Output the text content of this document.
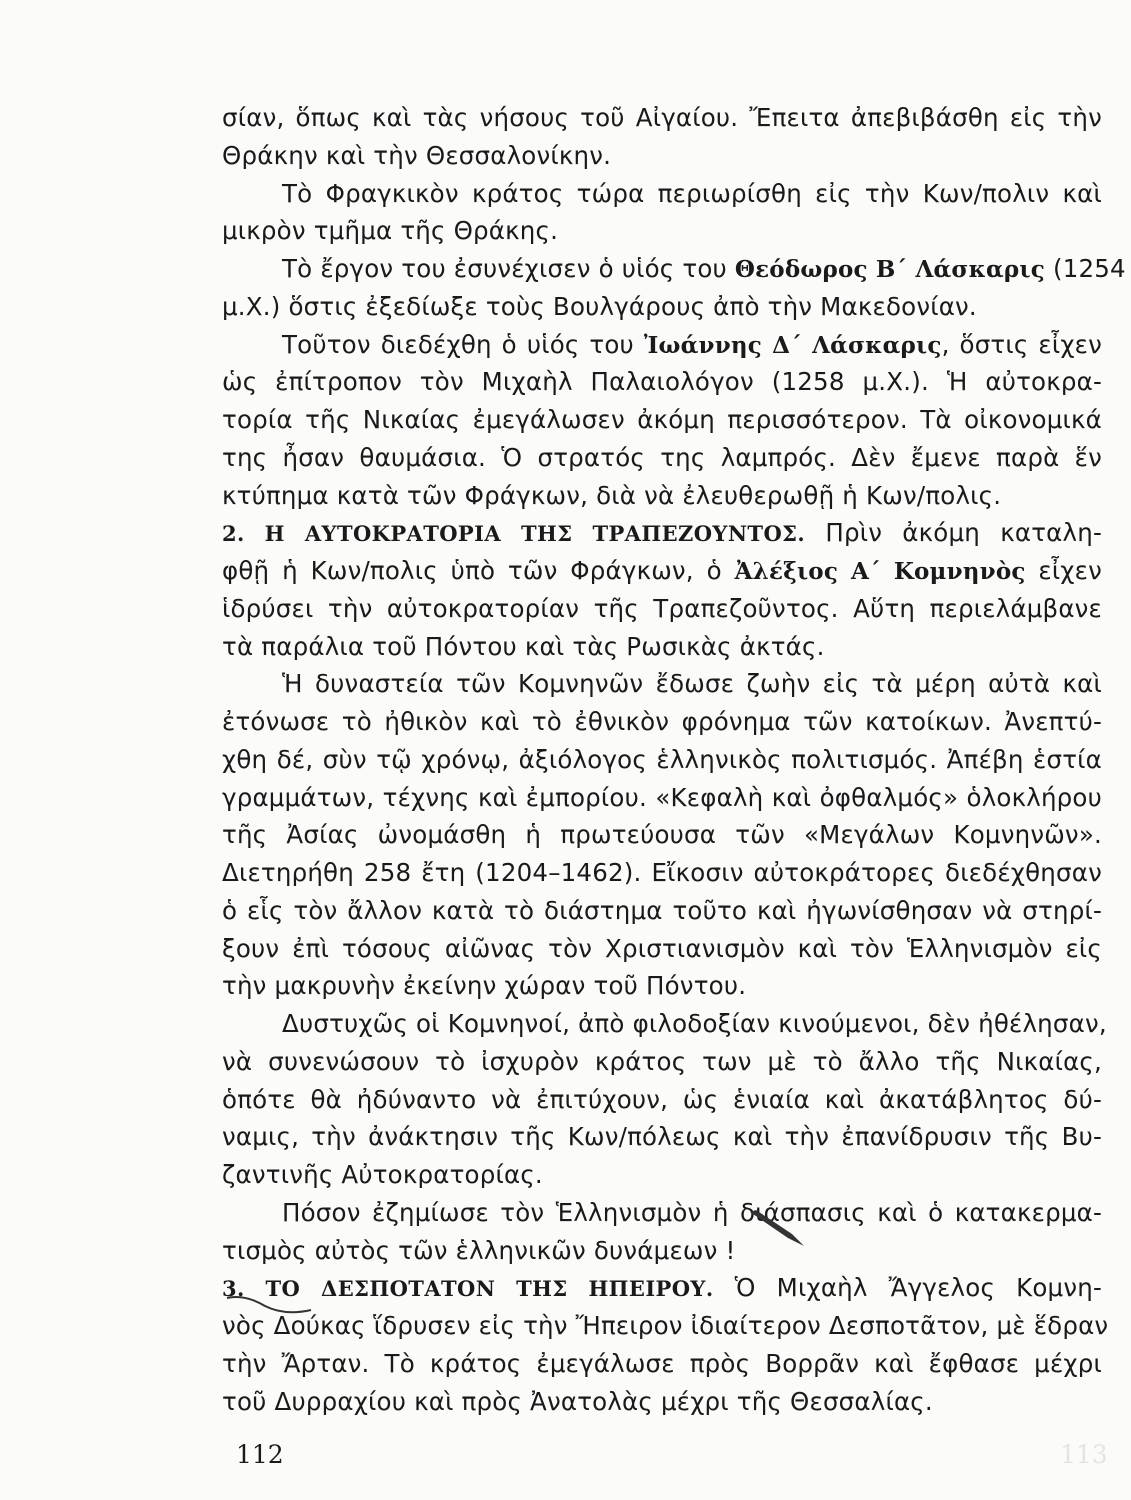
σίαν, ὅπως καὶ τὰς νήσους τοῦ Αἰγαίου. Ἔπειτα ἀπεβιβάσθη εἰς τὴν
Θράκην καὶ τὴν Θεσσαλονίκην.
Τὸ Φραγκικὸν κράτος τώρα περιωρίσθη εἰς τὴν Κων/πολιν καὶ
μικρὸν τμῆμα τῆς Θράκης.
Τὸ ἔργον του ἐσυνέχισεν ὁ υἱός του Θεόδωρος Β΄ Λάσκαρις (1254
μ.Χ.) ὅστις ἐξεδίωξε τοὺς Βουλγάρους ἀπὸ τὴν Μακεδονίαν.
Τοῦτον διεδέχθη ὁ υἱός του Ἰωάννης Δ΄ Λάσκαρις, ὅστις εἶχεν
ὡς ἐπίτροπον τὸν Μιχαὴλ Παλαιολόγον (1258 μ.Χ.). Ἡ αὐτοκρα-
τορία τῆς Νικαίας ἐμεγάλωσεν ἀκόμη περισσότερον. Τὰ οἰκονομικά
της ἦσαν θαυμάσια. Ὁ στρατός της λαμπρός. Δὲν ἔμενε παρὰ ἕν
κτύπημα κατὰ τῶν Φράγκων, διὰ νὰ ἐλευθερωθῇ ἡ Κων/πολις.
2. Η ΑΥΤΟΚΡΑΤΟΡΙΑ ΤΗΣ ΤΡΑΠΕΖΟΥΝΤΟΣ. Πρὶν ἀκόμη καταλη-
φθῇ ἡ Κων/πολις ὑπὸ τῶν Φράγκων, ὁ Ἀλέξιος Α΄ Κομνηνὸς εἶχεν
ἱδρύσει τὴν αὐτοκρατορίαν τῆς Τραπεζοῦντος. Αὕτη περιελάμβανε
τὰ παράλια τοῦ Πόντου καὶ τὰς Ρωσικὰς ἀκτάς.
Ἡ δυναστεία τῶν Κομνηνῶν ἔδωσε ζωὴν εἰς τὰ μέρη αὐτὰ καὶ
ἐτόνωσε τὸ ἠθικὸν καὶ τὸ ἐθνικὸν φρόνημα τῶν κατοίκων. Ἀνεπτύ-
χθη δέ, σὺν τῷ χρόνῳ, ἀξιόλογος ἑλληνικὸς πολιτισμός. Ἀπέβη ἑστία
γραμμάτων, τέχνης καὶ ἐμπορίου. «Κεφαλὴ καὶ ὀφθαλμός» ὁλοκλήρου
τῆς Ἀσίας ὠνομάσθη ἡ πρωτεύουσα τῶν «Μεγάλων Κομνηνῶν».
Διετηρήθη 258 ἔτη (1204–1462). Εἴκοσιν αὐτοκράτορες διεδέχθησαν
ὁ εἷς τὸν ἄλλον κατὰ τὸ διάστημα τοῦτο καὶ ἠγωνίσθησαν νὰ στηρί-
ξουν ἐπὶ τόσους αἰῶνας τὸν Χριστιανισμὸν καὶ τὸν Ἑλληνισμὸν εἰς
τὴν μακρυνὴν ἐκείνην χώραν τοῦ Πόντου.
Δυστυχῶς οἱ Κομνηνοί, ἀπὸ φιλοδοξίαν κινούμενοι, δὲν ἠθέλησαν,
νὰ συνενώσουν τὸ ἰσχυρὸν κράτος των μὲ τὸ ἄλλο τῆς Νικαίας,
ὁπότε θὰ ἠδύναντο νὰ ἐπιτύχουν, ὡς ἑνιαία καὶ ἀκατάβλητος δύ-
ναμις, τὴν ἀνάκτησιν τῆς Κων/πόλεως καὶ τὴν ἐπανίδρυσιν τῆς Βυ-
ζαντινῆς Αὐτοκρατορίας.
Πόσον ἐζημίωσε τὸν Ἑλληνισμὸν ἡ διάσπασις καὶ ὁ κατακερμα-
τισμὸς αὐτὸς τῶν ἑλληνικῶν δυνάμεων !
3. ΤΟ ΔΕΣΠΟΤΑΤΟΝ ΤΗΣ ΗΠΕΙΡΟΥ. Ὁ Μιχαὴλ Ἄγγελος Κομνη-
νὸς Δούκας ἵδρυσεν εἰς τὴν Ἤπειρον ἰδιαίτερον Δεσποτᾶτον, μὲ ἕδραν
τὴν Ἄρταν. Τὸ κράτος ἐμεγάλωσε πρὸς Βορρᾶν καὶ ἔφθασε μέχρι
τοῦ Δυρραχίου καὶ πρὸς Ἀνατολὰς μέχρι τῆς Θεσσαλίας.
113
112
